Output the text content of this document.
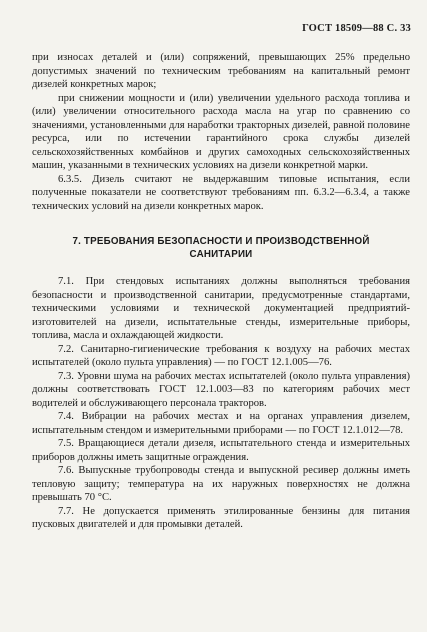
ГОСТ 18509—88 С. 33

при износах деталей и (или) сопряжений, превышающих 25% предельно допустимых значений по техническим требованиям на капитальный ремонт дизелей конкретных марок;

при снижении мощности и (или) увеличении удельного расхода топлива и (или) увеличении относительного расхода масла на угар по сравнению со значениями, установленными для наработки тракторных дизелей, равной половине ресурса, или по истечении гарантийного срока службы дизелей сельскохозяйственных комбайнов и других самоходных сельскохозяйственных машин, указанными в технических условиях на дизели конкретной марки.

6.3.5. Дизель считают не выдержавшим типовые испытания, если полученные показатели не соответствуют требованиям пп. 6.3.2—6.3.4, а также технических условий на дизели конкретных марок.

7. ТРЕБОВАНИЯ БЕЗОПАСНОСТИ И ПРОИЗВОДСТВЕННОЙ
САНИТАРИИ

7.1. При стендовых испытаниях должны выполняться требования безопасности и производственной санитарии, предусмотренные стандартами, техническими условиями и технической документацией предприятий-изготовителей на дизели, испытательные стенды, измерительные приборы, топлива, масла и охлаждающей жидкости.

7.2. Санитарно-гигиенические требования к воздуху на рабочих местах испытателей (около пульта управления) — по ГОСТ 12.1.005—76.

7.3. Уровни шума на рабочих местах испытателей (около пульта управления) должны соответствовать ГОСТ 12.1.003—83 по категориям рабочих мест водителей и обслуживающего персонала тракторов.

7.4. Вибрации на рабочих местах и на органах управления дизелем, испытательным стендом и измерительными приборами — по ГОСТ 12.1.012—78.

7.5. Вращающиеся детали дизеля, испытательного стенда и измерительных приборов должны иметь защитные ограждения.

7.6. Выпускные трубопроводы стенда и выпускной ресивер должны иметь тепловую защиту; температура на их наружных поверхностях не должна превышать 70 °С.

7.7. Не допускается применять этилированные бензины для питания пусковых двигателей и для промывки деталей.
